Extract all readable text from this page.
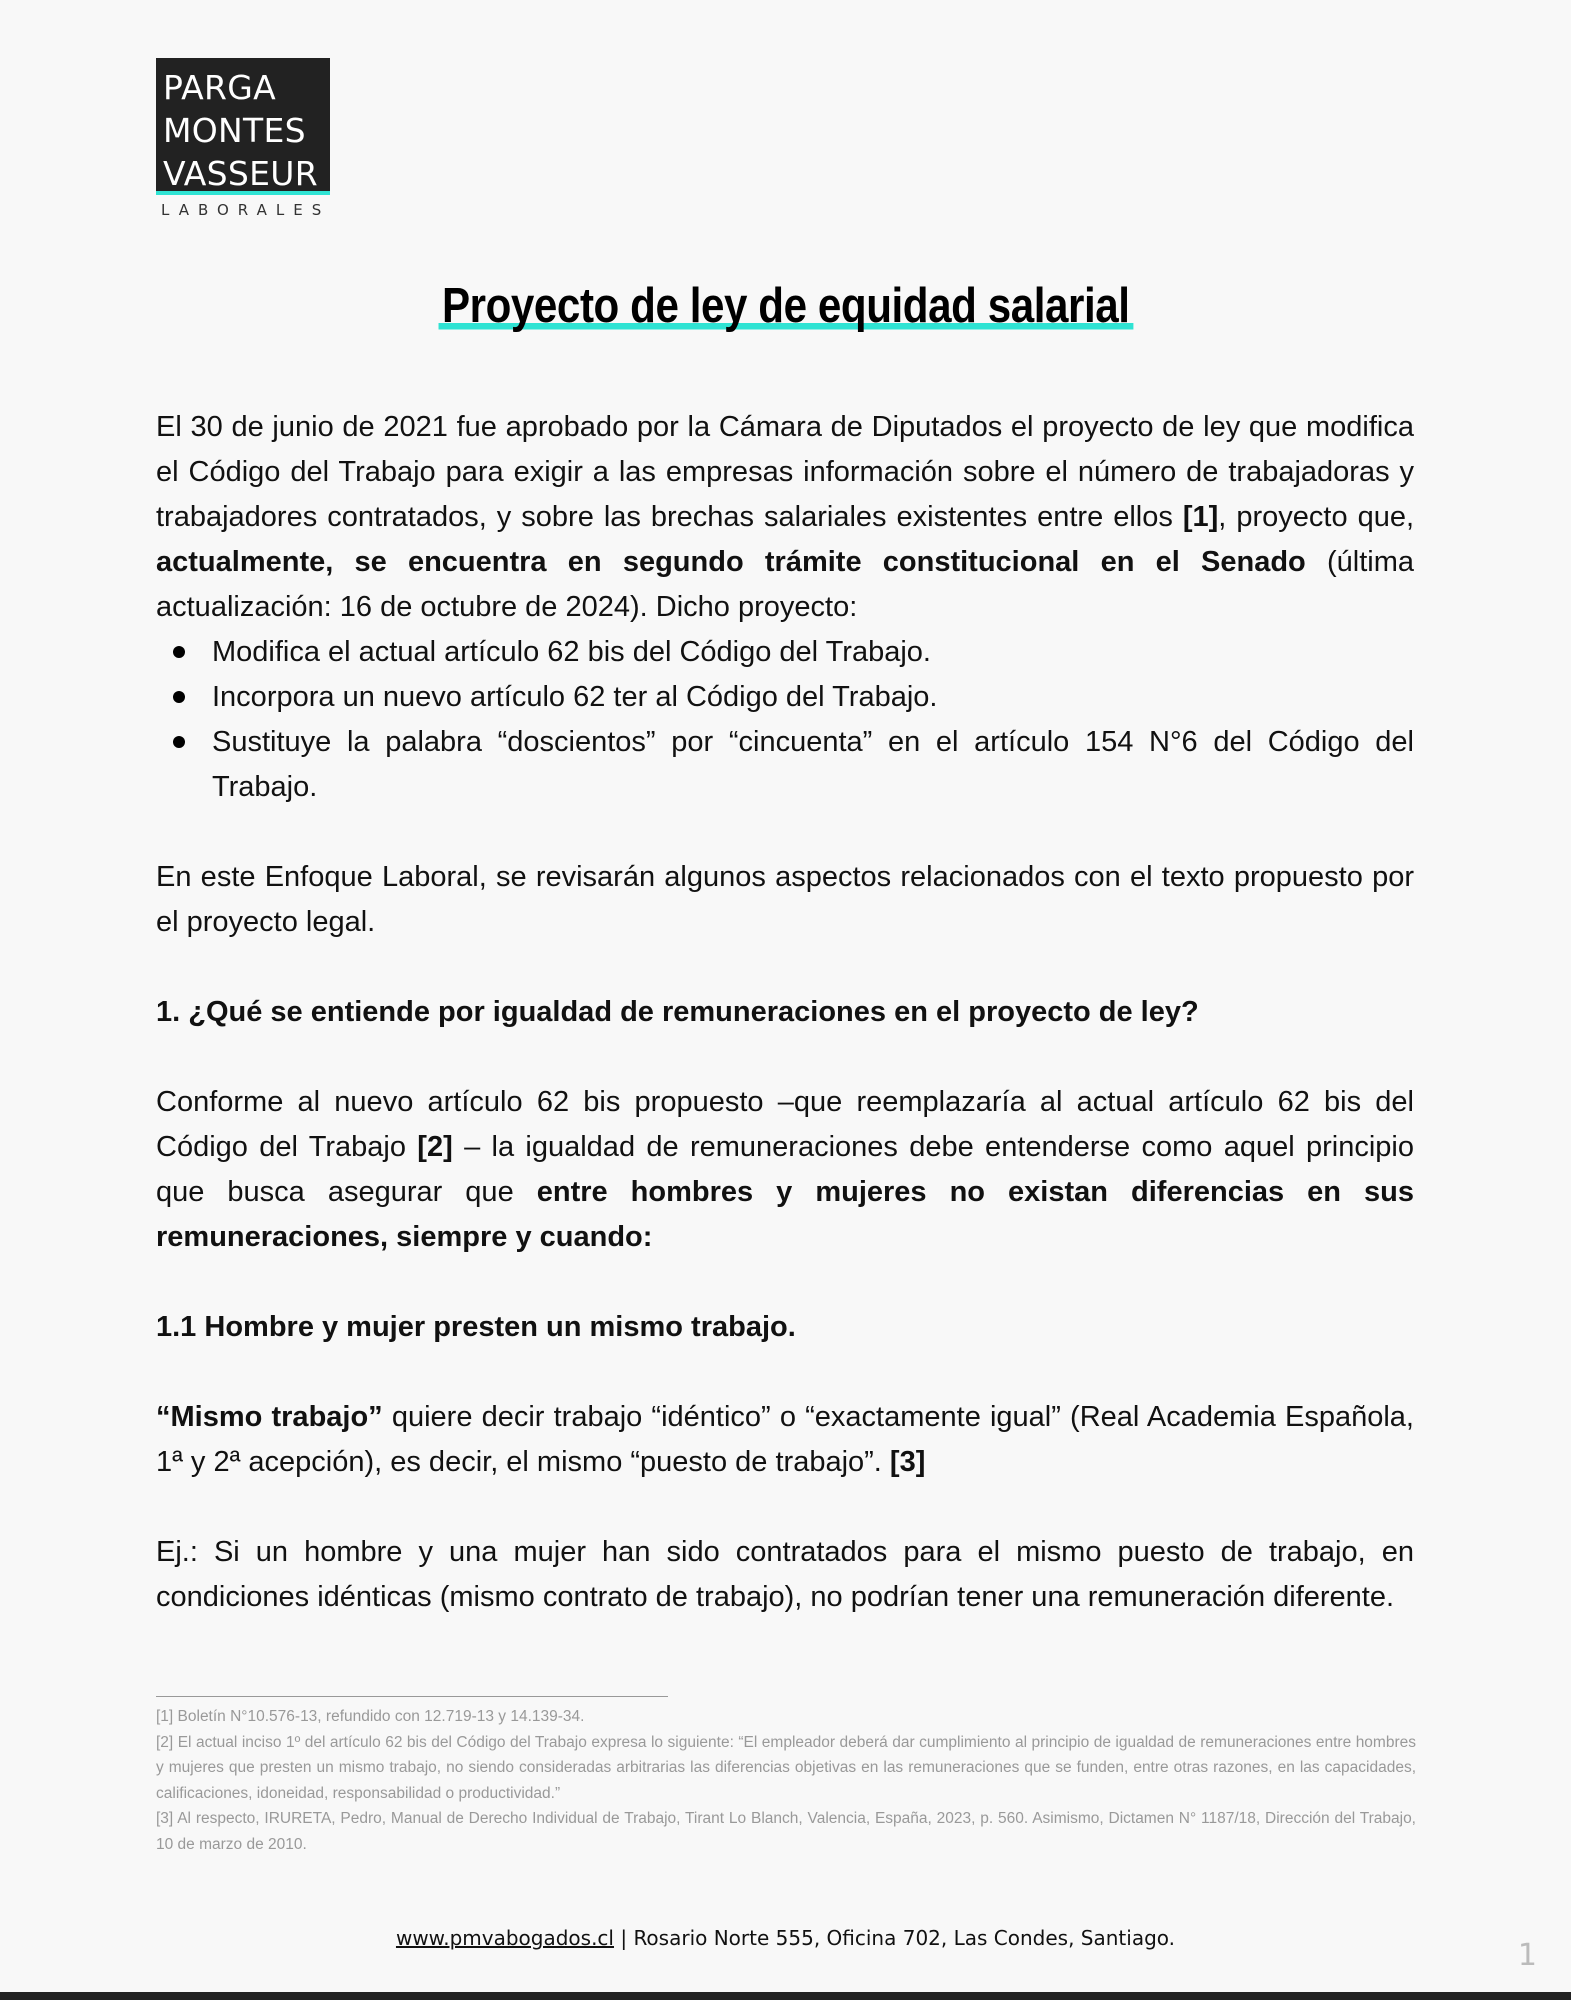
PARGA
MONTES
VASSEUR
LABORALES
Proyecto de ley de equidad salarial

El 30 de junio de 2021 fue aprobado por la Cámara de Diputados el proyecto de ley que modifica el Código del Trabajo para exigir a las empresas información sobre el número de trabajadoras y trabajadores contratados, y sobre las brechas salariales existentes entre ellos [1], proyecto que, actualmente, se encuentra en segundo trámite constitucional en el Senado (última actualización: 16 de octubre de 2024). Dicho proyecto:

Modifica el actual artículo 62 bis del Código del Trabajo.
Incorpora un nuevo artículo 62 ter al Código del Trabajo.
Sustituye la palabra “doscientos” por “cincuenta” en el artículo 154 N°6 del Código del Trabajo.

En este Enfoque Laboral, se revisarán algunos aspectos relacionados con el texto propuesto por el proyecto legal.

1. ¿Qué se entiende por igualdad de remuneraciones en el proyecto de ley?

Conforme al nuevo artículo 62 bis propuesto –que reemplazaría al actual artículo 62 bis del Código del Trabajo [2] – la igualdad de remuneraciones debe entenderse como aquel principio que busca asegurar que entre hombres y mujeres no existan diferencias en sus remuneraciones, siempre y cuando:

1.1 Hombre y mujer presten un mismo trabajo.

“Mismo trabajo” quiere decir trabajo “idéntico” o “exactamente igual” (Real Academia Española, 1ª y 2ª acepción), es decir, el mismo “puesto de trabajo”. [3]

Ej.: Si un hombre y una mujer han sido contratados para el mismo puesto de trabajo, en condiciones idénticas (mismo contrato de trabajo), no podrían tener una remuneración diferente.

[1] Boletín N°10.576-13, refundido con 12.719-13 y 14.139-34.

[2] El actual inciso 1º del artículo 62 bis del Código del Trabajo expresa lo siguiente: “El empleador deberá dar cumplimiento al principio de igualdad de remuneraciones entre hombres y mujeres que presten un mismo trabajo, no siendo consideradas arbitrarias las diferencias objetivas en las remuneraciones que se funden, entre otras razones, en las capacidades, calificaciones, idoneidad, responsabilidad o productividad.”

[3] Al respecto, IRURETA, Pedro, Manual de Derecho Individual de Trabajo, Tirant Lo Blanch, Valencia, España, 2023, p. 560. Asimismo, Dictamen N° 1187/18, Dirección del Trabajo, 10 de marzo de 2010.

www.pmvabogados.cl | Rosario Norte 555, Oficina 702, Las Condes, Santiago.	1
